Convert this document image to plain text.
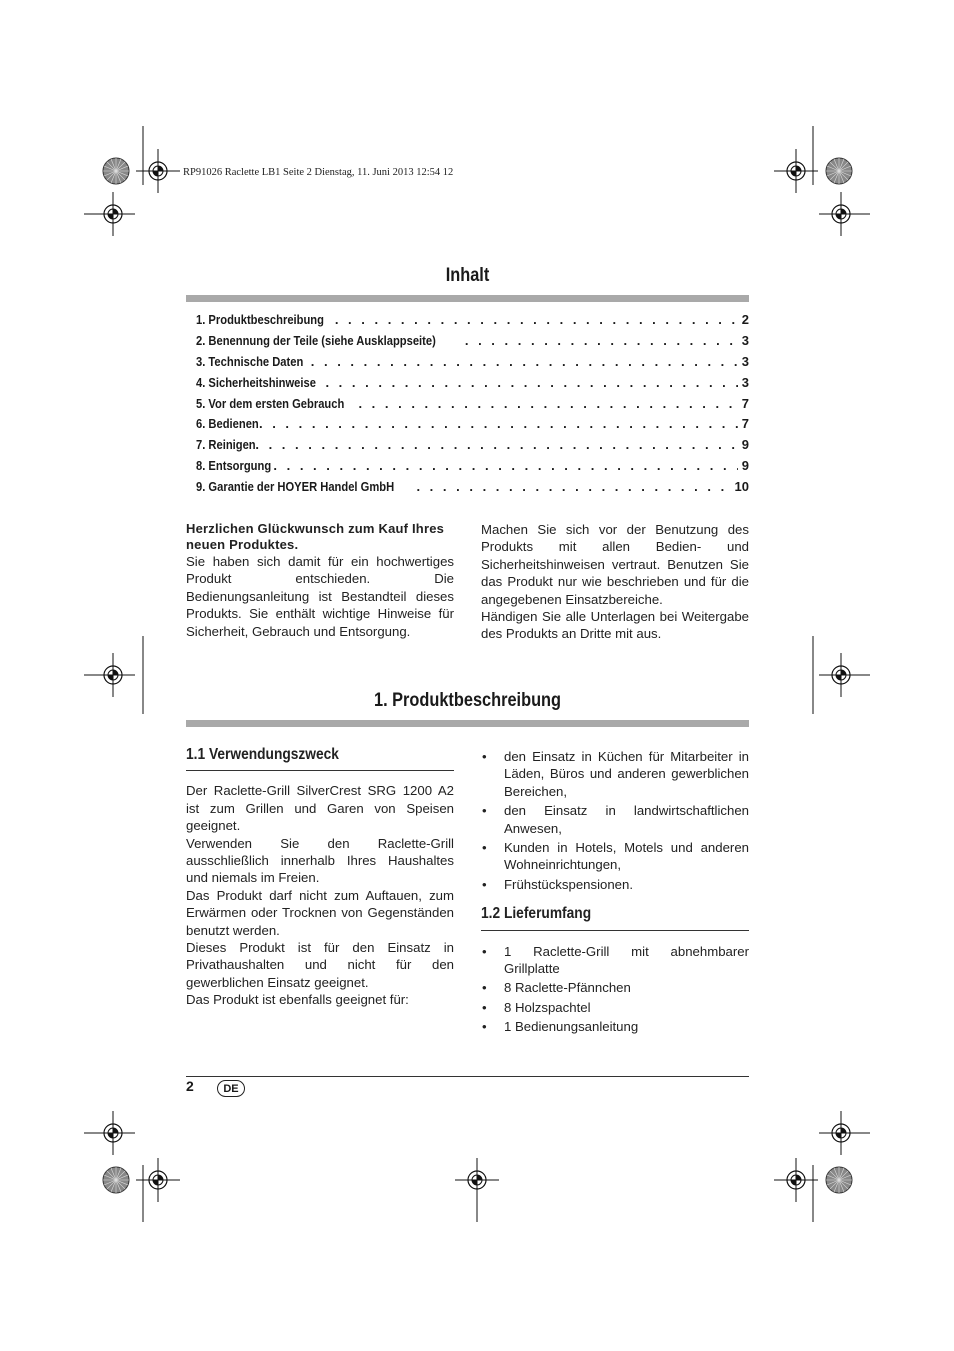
RP91026 Raclette LB1 Seite 2 Dienstag, 11. Juni 2013 12:54 12
Inhalt
1. Produktbeschreibung . . .	2
2. Benennung der Teile (siehe Ausklappseite) . . .	3
3. Technische Daten . . .	3
4. Sicherheitshinweise . . .	3
5. Vor dem ersten Gebrauch . . .	7
6. Bedienen . . .	7
7. Reinigen . . .	9
8. Entsorgung . . .	9
9. Garantie der HOYER Handel GmbH . . .	10

Herzlichen Glückwunsch zum Kauf Ihres neuen Produktes.

Sie haben sich damit für ein hochwertiges Produkt entschieden. Die Bedienungsanleitung ist Bestandteil dieses Produkts. Sie enthält wichtige Hinweise für Sicherheit, Gebrauch und Entsorgung.

Machen Sie sich vor der Benutzung des Produkts mit allen Bedien- und Sicherheitshinweisen vertraut. Benutzen Sie das Produkt nur wie beschrieben und für die angegebenen Einsatzbereiche.

Händigen Sie alle Unterlagen bei Weitergabe des Produkts an Dritte mit aus.

1. Produktbeschreibung
1.1 Verwendungszweck

Der Raclette-Grill SilverCrest SRG 1200 A2 ist zum Grillen und Garen von Speisen geeignet.

Verwenden Sie den Raclette-Grill ausschließlich innerhalb Ihres Haushaltes und niemals im Freien.

Das Produkt darf nicht zum Auftauen, zum Erwärmen oder Trocknen von Gegenständen benutzt werden.

Dieses Produkt ist für den Einsatz in Privathaushalten und nicht für den gewerblichen Einsatz geeignet.

Das Produkt ist ebenfalls geeignet für:

• den Einsatz in Küchen für Mitarbeiter in Läden, Büros und anderen gewerblichen Bereichen,
• den Einsatz in landwirtschaftlichen Anwesen,
• Kunden in Hotels, Motels und anderen Wohneinrichtungen,
• Frühstückspensionen.
1.2 Lieferumfang
• 1 Raclette-Grill mit abnehmbarer Grillplatte
• 8 Raclette-Pfännchen
• 8 Holzspachtel
• 1 Bedienungsanleitung
2	DE
